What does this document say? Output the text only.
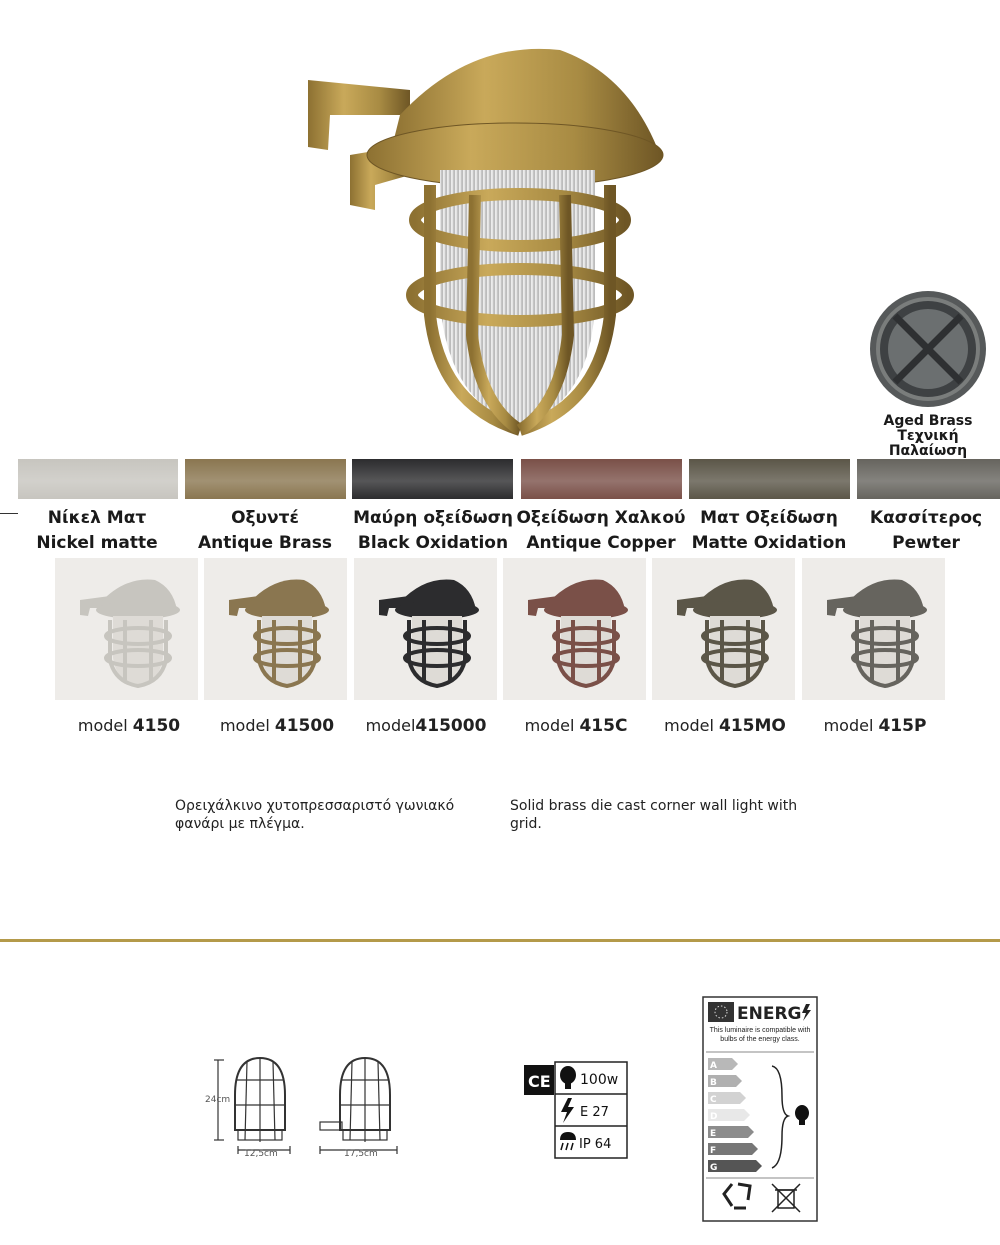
Aged Brass
Τεχνική Παλαίωση
Νίκελ Ματ
Nickel matte
Οξυντέ
Antique Brass
Μαύρη οξείδωση
Black Oxidation
Οξείδωση Χαλκού
Antique Copper
Ματ Οξείδωση
Matte Oxidation
Κασσίτερος
Pewter
model 4150	model 41500	model415000	model 415C	model 415MO	model 415P
Ορειχάλκινο χυτοπρεσσαριστό γωνιακό φανάρι με πλέγμα.
Solid brass die cast corner wall light with grid.
24cm
12,5cm	17,5cm
CE 100w
E 27
IP 64
ENERG
This luminaire is compatible with bulbs of the energy class.
A
B
C
D
E
F
G
